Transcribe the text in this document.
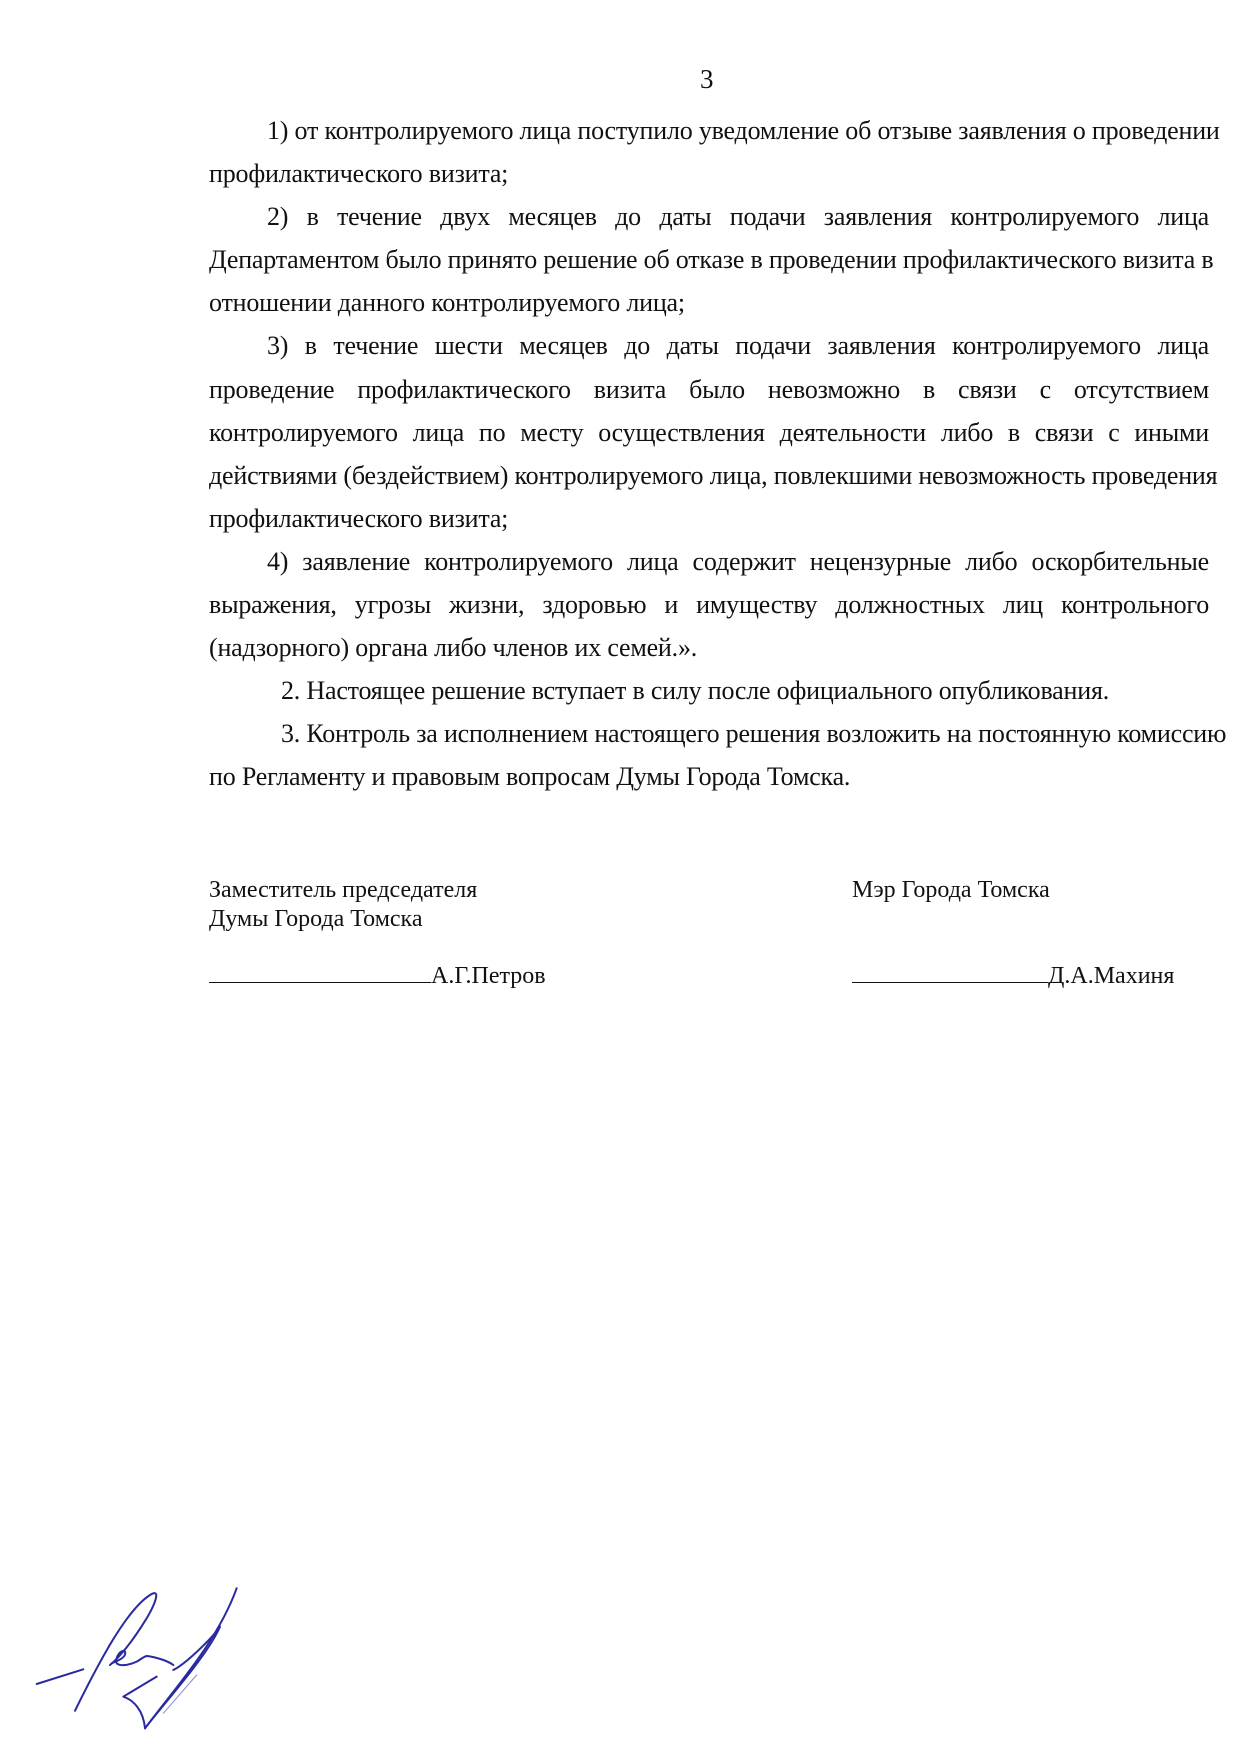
3
1) от контролируемого лица поступило уведомление об отзыве заявления о проведении
профилактического визита;
2) в течение двух месяцев до даты подачи заявления контролируемого лица
Департаментом было принято решение об отказе в проведении профилактического визита в
отношении данного контролируемого лица;
3) в течение шести месяцев до даты подачи заявления контролируемого лица
проведение профилактического визита было невозможно в связи с отсутствием
контролируемого лица по месту осуществления деятельности либо в связи с иными
действиями (бездействием) контролируемого лица, повлекшими невозможность проведения
профилактического визита;
4) заявление контролируемого лица содержит нецензурные либо оскорбительные
выражения, угрозы жизни, здоровью и имуществу должностных лиц контрольного
(надзорного) органа либо членов их семей.».
2. Настоящее решение вступает в силу после официального опубликования.
3. Контроль за исполнением настоящего решения возложить на постоянную комиссию
по Регламенту и правовым вопросам Думы Города Томска.
Заместитель председателя
Думы Города Томска
Мэр Города Томска
А.Г.Петров	Д.А.Махиня
